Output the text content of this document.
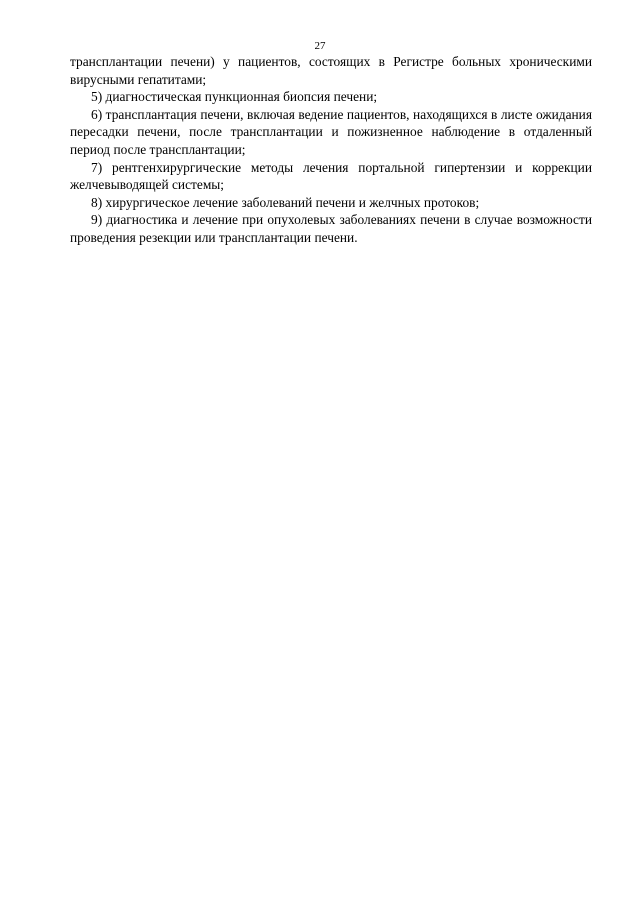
27

трансплантации печени) у пациентов, состоящих в Регистре больных хроническими вирусными гепатитами;

5) диагностическая пункционная биопсия печени;

6) трансплантация печени, включая ведение пациентов, находящихся в листе ожидания пересадки печени, после трансплантации и пожизненное наблюдение в отдаленный период после трансплантации;

7) рентгенхирургические методы лечения портальной гипертензии и коррекции желчевыводящей системы;

8) хирургическое лечение заболеваний печени и желчных протоков;

9) диагностика и лечение при опухолевых заболеваниях печени в случае возможности проведения резекции или трансплантации печени.
